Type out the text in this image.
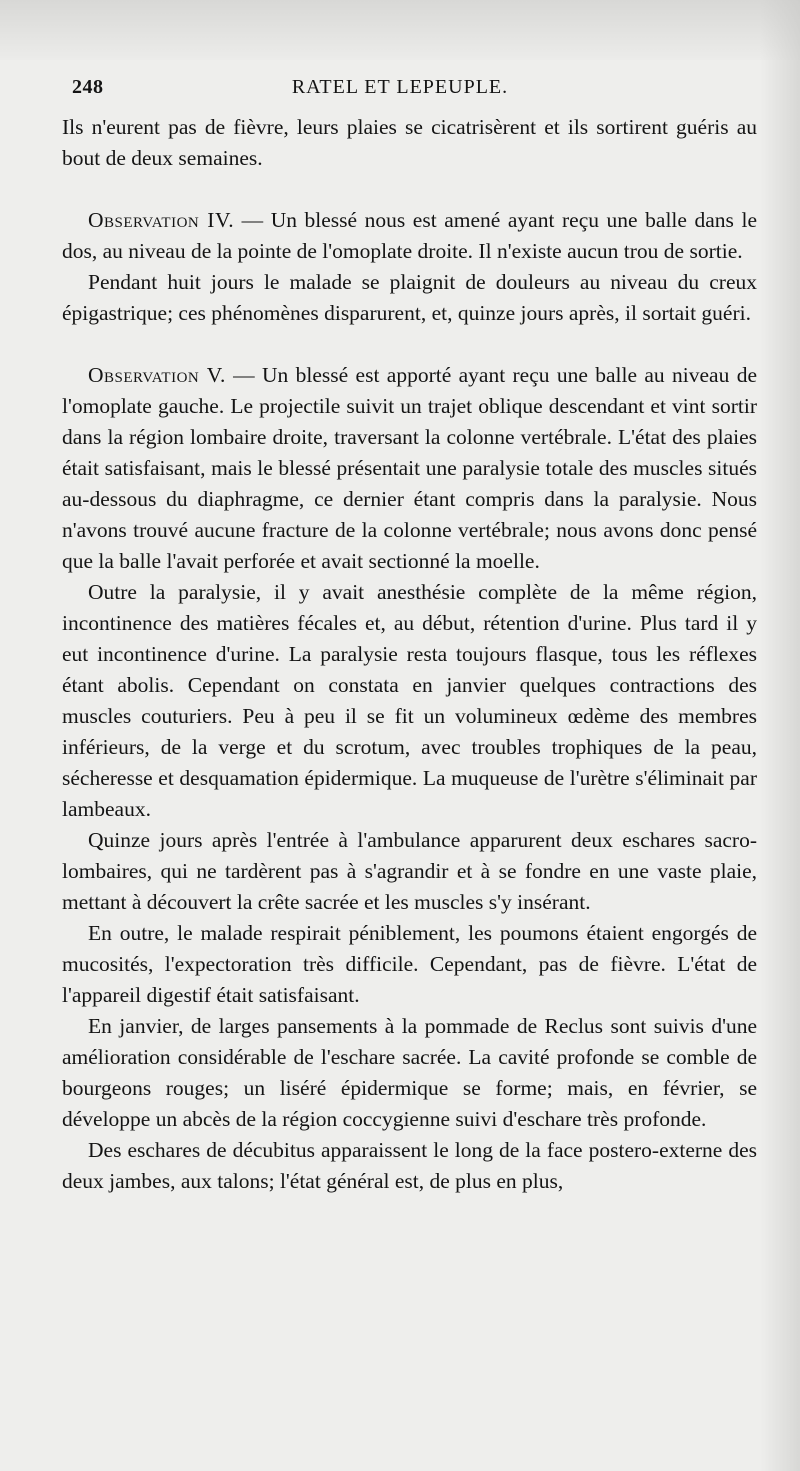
248	RATEL ET LEPEUPLE.

Ils n'eurent pas de fièvre, leurs plaies se cicatrisèrent et ils sortirent guéris au bout de deux semaines.

Observation IV. — Un blessé nous est amené ayant reçu une balle dans le dos, au niveau de la pointe de l'omoplate droite. Il n'existe aucun trou de sortie.

Pendant huit jours le malade se plaignit de douleurs au niveau du creux épigastrique; ces phénomènes disparurent, et, quinze jours après, il sortait guéri.

Observation V. — Un blessé est apporté ayant reçu une balle au niveau de l'omoplate gauche. Le projectile suivit un trajet oblique descendant et vint sortir dans la région lombaire droite, traversant la colonne vertébrale. L'état des plaies était satisfaisant, mais le blessé présentait une paralysie totale des muscles situés au-dessous du diaphragme, ce dernier étant compris dans la paralysie. Nous n'avons trouvé aucune fracture de la colonne vertébrale; nous avons donc pensé que la balle l'avait perforée et avait sectionné la moelle.

Outre la paralysie, il y avait anesthésie complète de la même région, incontinence des matières fécales et, au début, rétention d'urine. Plus tard il y eut incontinence d'urine. La paralysie resta toujours flasque, tous les réflexes étant abolis. Cependant on constata en janvier quelques contractions des muscles couturiers. Peu à peu il se fit un volumineux œdème des membres inférieurs, de la verge et du scrotum, avec troubles trophiques de la peau, sécheresse et desquamation épidermique. La muqueuse de l'urètre s'éliminait par lambeaux.

Quinze jours après l'entrée à l'ambulance apparurent deux eschares sacro-lombaires, qui ne tardèrent pas à s'agrandir et à se fondre en une vaste plaie, mettant à découvert la crête sacrée et les muscles s'y insérant.

En outre, le malade respirait péniblement, les poumons étaient engorgés de mucosités, l'expectoration très difficile. Cependant, pas de fièvre. L'état de l'appareil digestif était satisfaisant.

En janvier, de larges pansements à la pommade de Reclus sont suivis d'une amélioration considérable de l'eschare sacrée. La cavité profonde se comble de bourgeons rouges; un liséré épidermique se forme; mais, en février, se développe un abcès de la région coccygienne suivi d'eschare très profonde.

Des eschares de décubitus apparaissent le long de la face postero-externe des deux jambes, aux talons; l'état général est, de plus en plus,
